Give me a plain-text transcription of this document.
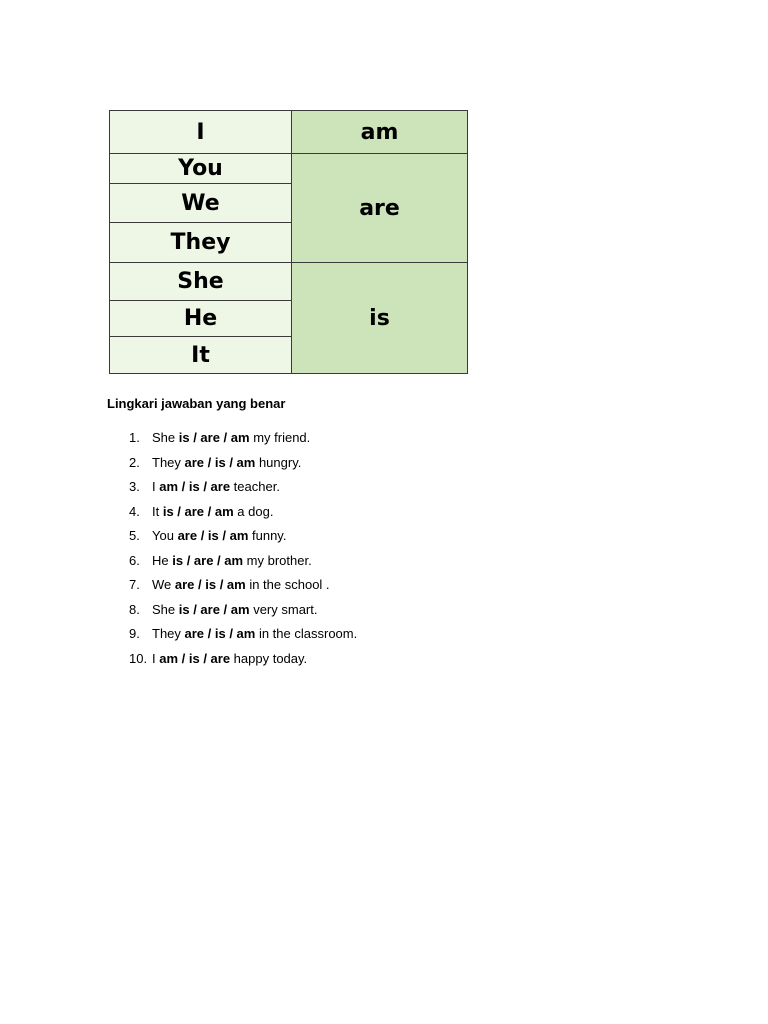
I	am
You	are
We	
They	
She	is
He	
It	

Lingkari jawaban yang benar

1. She is / are / am my friend.
2. They are / is / am hungry.
3. I am / is / are teacher.
4. It is / are / am a dog.
5. You are / is / am funny.
6. He is / are / am my brother.
7. We are / is / am in the school .
8. She is / are / am very smart.
9. They are / is / am in the classroom.
10. I am / is / are happy today.
